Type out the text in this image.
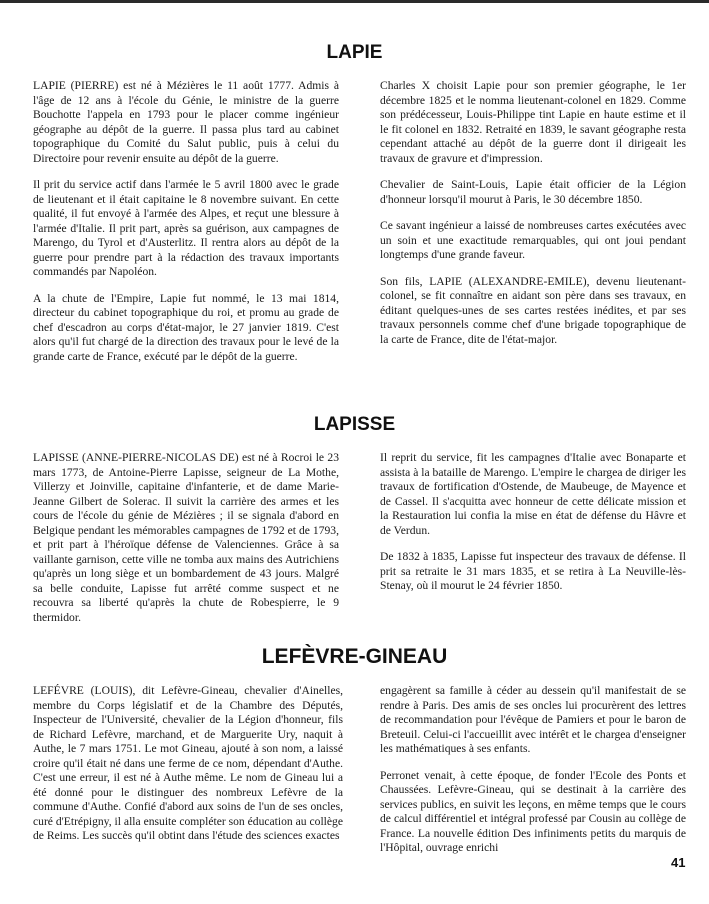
LAPIE

LAPIE (PIERRE) est né à Mézières le 11 août 1777. Admis à l'âge de 12 ans à l'école du Génie, le ministre de la guerre Bouchotte l'appela en 1793 pour le placer comme ingénieur géographe au dépôt de la guerre. Il passa plus tard au cabinet topographique du Comité du Salut public, puis à celui du Directoire pour revenir ensuite au dépôt de la guerre.

Il prit du service actif dans l'armée le 5 avril 1800 avec le grade de lieutenant et il était capitaine le 8 novembre suivant. En cette qualité, il fut envoyé à l'armée des Alpes, et reçut une blessure à l'armée d'Italie. Il prit part, après sa guérison, aux campagnes de Marengo, du Tyrol et d'Austerlitz. Il rentra alors au dépôt de la guerre pour prendre part à la rédaction des travaux importants commandés par Napoléon.

A la chute de l'Empire, Lapie fut nommé, le 13 mai 1814, directeur du cabinet topographique du roi, et promu au grade de chef d'escadron au corps d'état-major, le 27 janvier 1819. C'est alors qu'il fut chargé de la direction des travaux pour le levé de la grande carte de France, exécuté par le dépôt de la guerre.

Charles X choisit Lapie pour son premier géographe, le 1er décembre 1825 et le nomma lieutenant-colonel en 1829. Comme son prédécesseur, Louis-Philippe tint Lapie en haute estime et il le fit colonel en 1832. Retraité en 1839, le savant géographe resta cependant attaché au dépôt de la guerre dont il dirigeait les travaux de gravure et d'impression.

Chevalier de Saint-Louis, Lapie était officier de la Légion d'honneur lorsqu'il mourut à Paris, le 30 décembre 1850.

Ce savant ingénieur a laissé de nombreuses cartes exécutées avec un soin et une exactitude remarquables, qui ont joui pendant longtemps d'une grande faveur.

Son fils, LAPIE (ALEXANDRE-EMILE), devenu lieutenant-colonel, se fit connaître en aidant son père dans ses travaux, en éditant quelques-unes de ses cartes restées inédites, et par ses travaux personnels comme chef d'une brigade topographique de la carte de France, dite de l'état-major.

LAPISSE

LAPISSE (ANNE-PIERRE-NICOLAS DE) est né à Rocroi le 23 mars 1773, de Antoine-Pierre Lapisse, seigneur de La Mothe, Villerzy et Joinville, capitaine d'infanterie, et de dame Marie-Jeanne Gilbert de Solerac. Il suivit la carrière des armes et les cours de l'école du génie de Mézières ; il se signala d'abord en Belgique pendant les mémorables campagnes de 1792 et de 1793, et prit part à l'héroïque défense de Valenciennes. Grâce à sa vaillante garnison, cette ville ne tomba aux mains des Autrichiens qu'après un long siège et un bombardement de 43 jours. Malgré sa belle conduite, Lapisse fut arrêté comme suspect et ne recouvra sa liberté qu'après la chute de Robespierre, le 9 thermidor.

Il reprit du service, fit les campagnes d'Italie avec Bonaparte et assista à la bataille de Marengo. L'empire le chargea de diriger les travaux de fortification d'Ostende, de Maubeuge, de Mayence et de Cassel. Il s'acquitta avec honneur de cette délicate mission et la Restauration lui confia la mise en état de défense du Hâvre et de Verdun.

De 1832 à 1835, Lapisse fut inspecteur des travaux de défense. Il prit sa retraite le 31 mars 1835, et se retira à La Neuville-lès-Stenay, où il mourut le 24 février 1850.

LEFÈVRE-GINEAU

LEFÉVRE (LOUIS), dit Lefèvre-Gineau, chevalier d'Ainelles, membre du Corps législatif et de la Chambre des Députés, Inspecteur de l'Université, chevalier de la Légion d'honneur, fils de Richard Lefèvre, marchand, et de Marguerite Ury, naquit à Authe, le 7 mars 1751. Le mot Gineau, ajouté à son nom, a laissé croire qu'il était né dans une ferme de ce nom, dépendant d'Authe. C'est une erreur, il est né à Authe même. Le nom de Gineau lui a été donné pour le distinguer des nombreux Lefèvre de la commune d'Authe. Confié d'abord aux soins de l'un de ses oncles, curé d'Etrépigny, il alla ensuite compléter son éducation au collège de Reims. Les succès qu'il obtint dans l'étude des sciences exactes

engagèrent sa famille à céder au dessein qu'il manifestait de se rendre à Paris. Des amis de ses oncles lui procurèrent des lettres de recommandation pour l'évêque de Pamiers et pour le baron de Breteuil. Celui-ci l'accueillit avec intérêt et le chargea d'enseigner les mathématiques à ses enfants.

Perronet venait, à cette époque, de fonder l'Ecole des Ponts et Chaussées. Lefèvre-Gineau, qui se destinait à la carrière des services publics, en suivit les leçons, en même temps que le cours de calcul différentiel et intégral professé par Cousin au collège de France. La nouvelle édition Des infiniments petits du marquis de l'Hôpital, ouvrage enrichi

41
